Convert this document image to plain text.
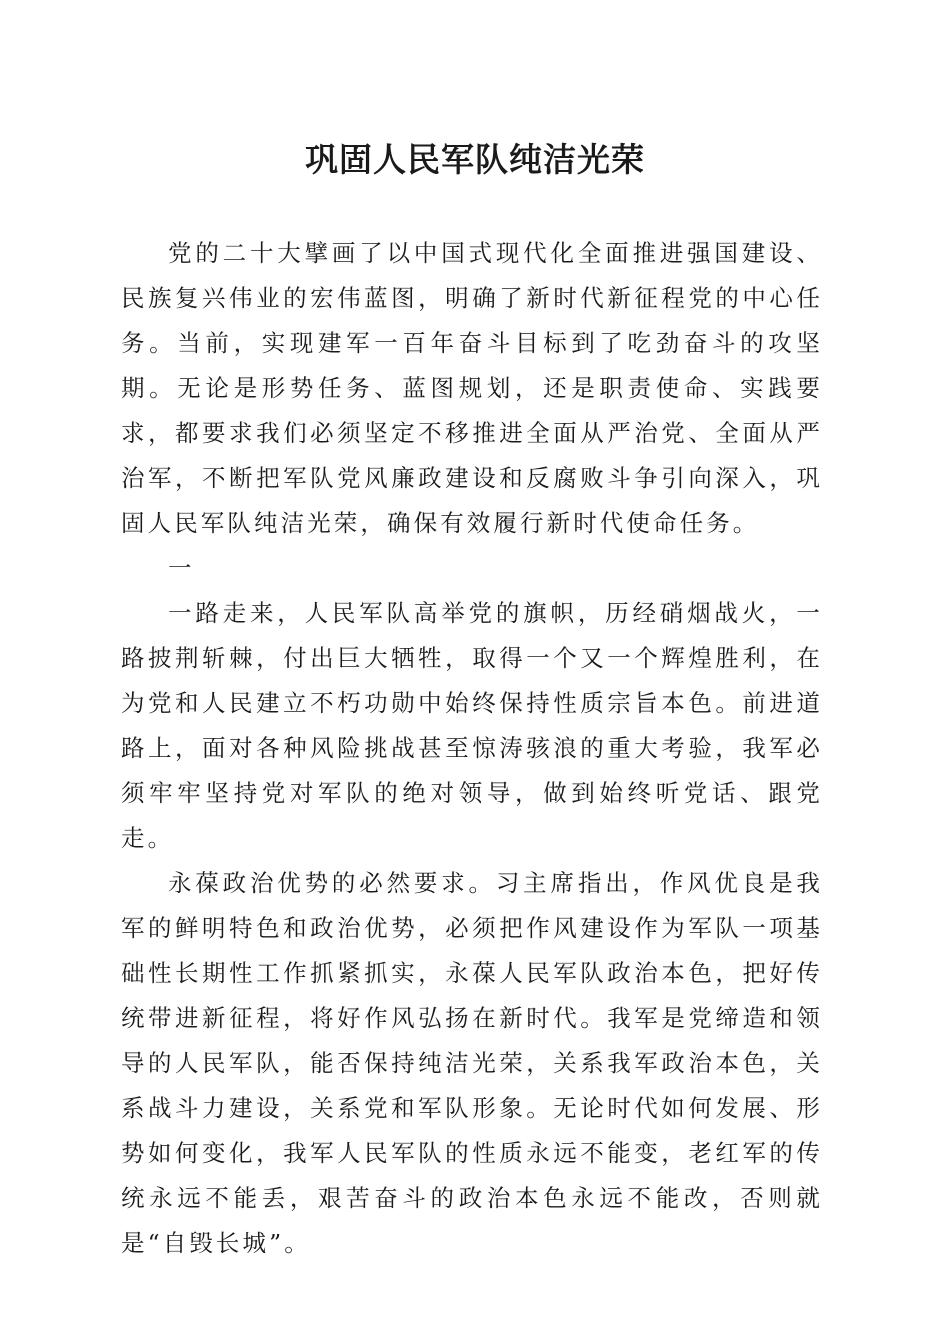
巩固人民军队纯洁光荣

党的二十大擘画了以中国式现代化全面推进强国建设、民族复兴伟业的宏伟蓝图，明确了新时代新征程党的中心任务。当前，实现建军一百年奋斗目标到了吃劲奋斗的攻坚期。无论是形势任务、蓝图规划，还是职责使命、实践要求，都要求我们必须坚定不移推进全面从严治党、全面从严治军，不断把军队党风廉政建设和反腐败斗争引向深入，巩固人民军队纯洁光荣，确保有效履行新时代使命任务。

一

一路走来，人民军队高举党的旗帜，历经硝烟战火，一路披荆斩棘，付出巨大牺牲，取得一个又一个辉煌胜利，在为党和人民建立不朽功勋中始终保持性质宗旨本色。前进道路上，面对各种风险挑战甚至惊涛骇浪的重大考验，我军必须牢牢坚持党对军队的绝对领导，做到始终听党话、跟党走。

永葆政治优势的必然要求。习主席指出，作风优良是我军的鲜明特色和政治优势，必须把作风建设作为军队一项基础性长期性工作抓紧抓实，永葆人民军队政治本色，把好传统带进新征程，将好作风弘扬在新时代。我军是党缔造和领导的人民军队，能否保持纯洁光荣，关系我军政治本色，关系战斗力建设，关系党和军队形象。无论时代如何发展、形势如何变化，我军人民军队的性质永远不能变，老红军的传统永远不能丢，艰苦奋斗的政治本色永远不能改，否则就是“自毁长城”。
